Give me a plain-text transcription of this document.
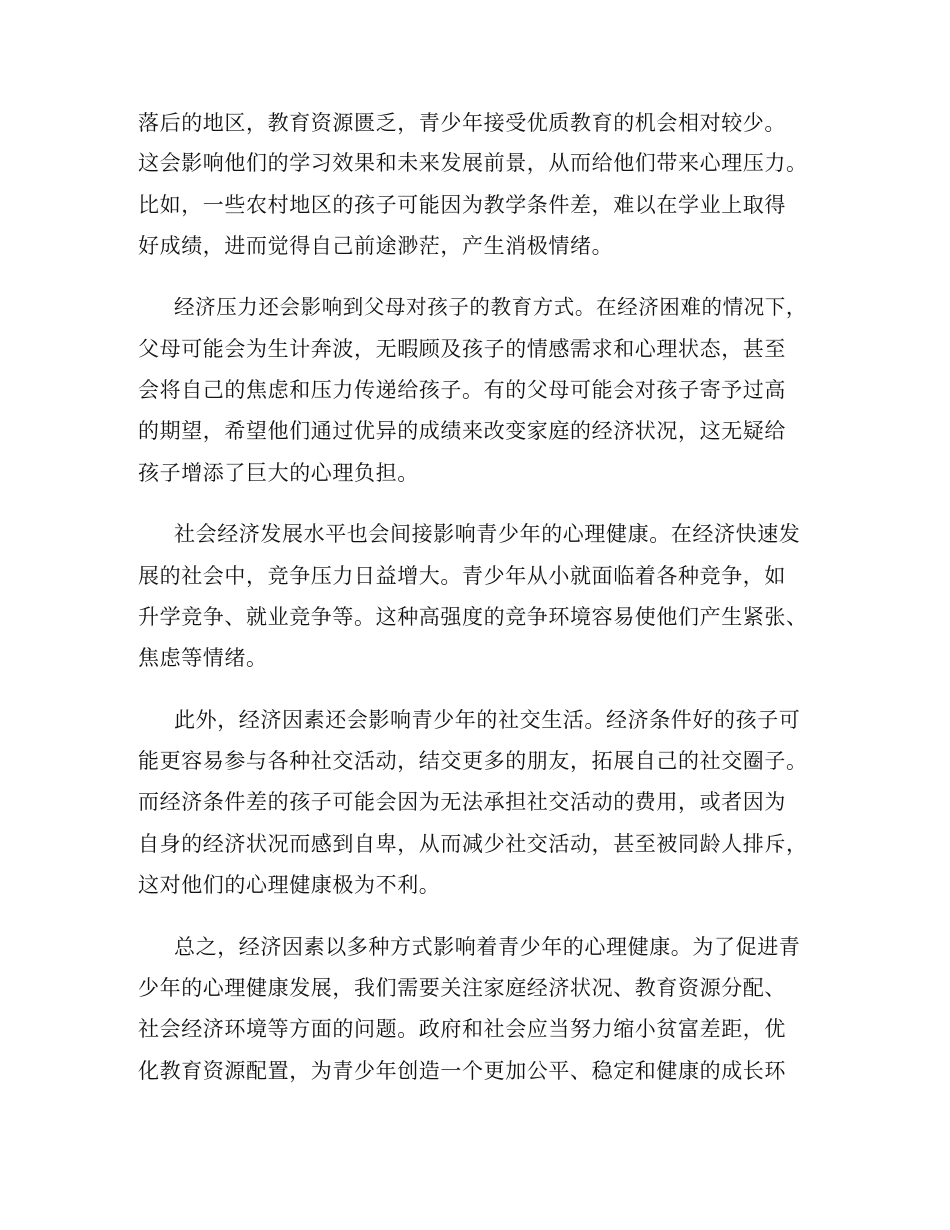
落后的地区，教育资源匮乏，青少年接受优质教育的机会相对较少。
这会影响他们的学习效果和未来发展前景，从而给他们带来心理压力。
比如，一些农村地区的孩子可能因为教学条件差，难以在学业上取得
好成绩，进而觉得自己前途渺茫，产生消极情绪。
经济压力还会影响到父母对孩子的教育方式。在经济困难的情况下，
父母可能会为生计奔波，无暇顾及孩子的情感需求和心理状态，甚至
会将自己的焦虑和压力传递给孩子。有的父母可能会对孩子寄予过高
的期望，希望他们通过优异的成绩来改变家庭的经济状况，这无疑给
孩子增添了巨大的心理负担。
社会经济发展水平也会间接影响青少年的心理健康。在经济快速发
展的社会中，竞争压力日益增大。青少年从小就面临着各种竞争，如
升学竞争、就业竞争等。这种高强度的竞争环境容易使他们产生紧张、
焦虑等情绪。
此外，经济因素还会影响青少年的社交生活。经济条件好的孩子可
能更容易参与各种社交活动，结交更多的朋友，拓展自己的社交圈子。
而经济条件差的孩子可能会因为无法承担社交活动的费用，或者因为
自身的经济状况而感到自卑，从而减少社交活动，甚至被同龄人排斥，
这对他们的心理健康极为不利。
总之，经济因素以多种方式影响着青少年的心理健康。为了促进青
少年的心理健康发展，我们需要关注家庭经济状况、教育资源分配、
社会经济环境等方面的问题。政府和社会应当努力缩小贫富差距，优
化教育资源配置，为青少年创造一个更加公平、稳定和健康的成长环
